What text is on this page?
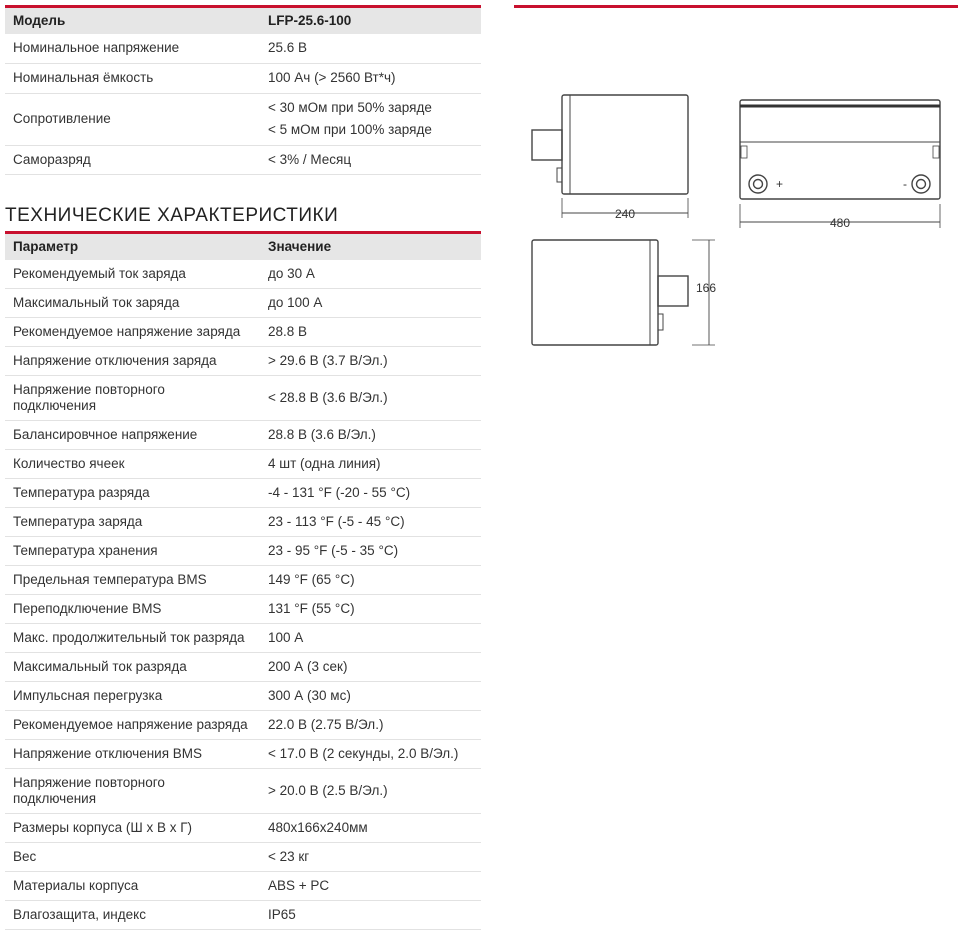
Модель	LFP-25.6-100
Номинальное напряжение	25.6 В
Номинальная ёмкость	100 Ач (> 2560 Вт*ч)
Сопротивление	< 30 мОм при 50% заряде
< 5 мОм при 100% заряде

Саморазряд	< 3% / Месяц
ТЕХНИЧЕСКИЕ ХАРАКТЕРИСТИКИ
Параметр	Значение
Рекомендуемый ток заряда	до 30 А
Максимальный ток заряда	до 100 А
Рекомендуемое напряжение заряда	28.8 В
Напряжение отключения заряда	> 29.6 В (3.7 В/Эл.)

Напряжение повторного
подключения	< 28.8 В (3.6 В/Эл.)
Балансировчное напряжение	28.8 В (3.6 В/Эл.)
Количество ячеек	4 шт (одна линия)
Температура разряда	-4 - 131 °F (-20 - 55 °C)
Температура заряда	23 - 113 °F (-5 - 45 °C)
Температура хранения	23 - 95 °F (-5 - 35 °C)
Предельная температура BMS	149 °F (65 °C)
Переподключение BMS	131 °F (55 °C)
Макс. продолжительный ток разряда	100 А
Максимальный ток разряда	200 А (3 сек)
Импульсная перегрузка	300 А (30 мс)
Рекомендуемое напряжение разряда	22.0 В (2.75 В/Эл.)
Напряжение отключения BMS	< 17.0 В (2 секунды, 2.0 В/Эл.)

Напряжение повторного
подключения	> 20.0 В (2.5 В/Эл.)
Размеры корпуса (Ш х В х Г)	480x166x240мм
Вес	< 23 кг
Материалы корпуса	ABS + PC
Влагозащита, индекс	IP65
240
+	-
480
166
